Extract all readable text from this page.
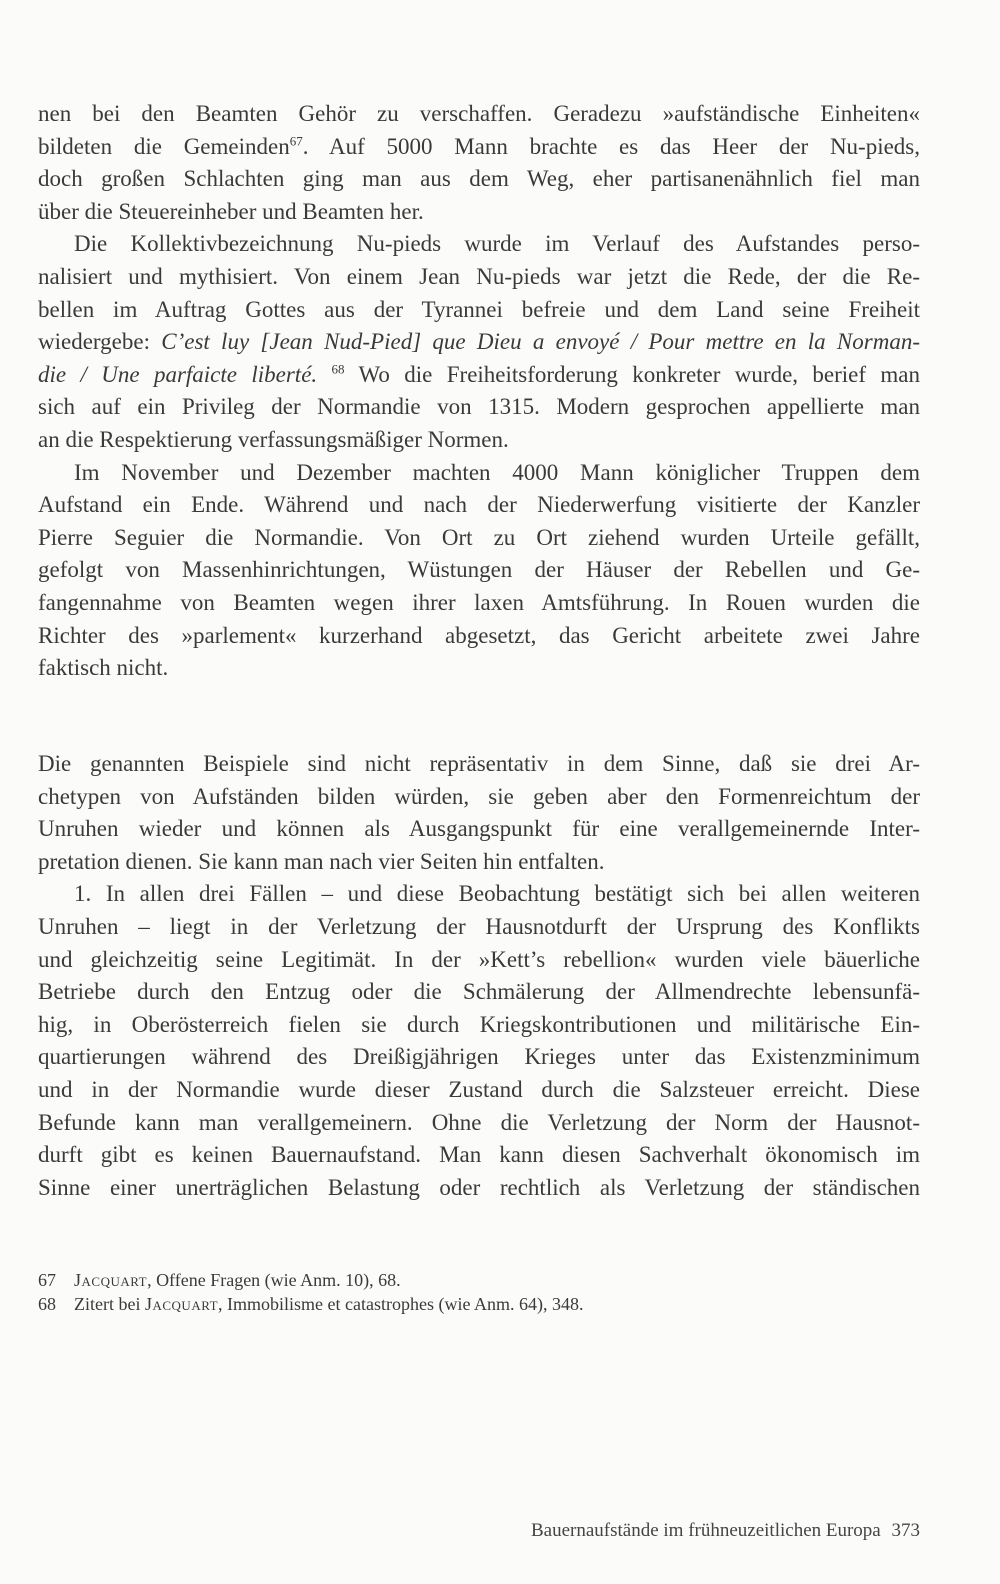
nen bei den Beamten Gehör zu verschaffen. Geradezu »aufständische Einheiten«
bildeten die Gemeinden$^{67}$. Auf 5000 Mann brachte es das Heer der Nu-pieds,
doch großen Schlachten ging man aus dem Weg, eher partisanenähnlich fiel man
über die Steuereinheber und Beamten her.

Die Kollektivbezeichnung Nu-pieds wurde im Verlauf des Aufstandes perso-
nalisiert und mythisiert. Von einem Jean Nu-pieds war jetzt die Rede, der die Re-
bellen im Auftrag Gottes aus der Tyrannei befreie und dem Land seine Freiheit
wiedergebe: C’est luy [Jean Nud-Pied] que Dieu a envoyé / Pour mettre en la Norman-
die / Une parfaicte liberté. $^{68}$ Wo die Freiheitsforderung konkreter wurde, berief man
sich auf ein Privileg der Normandie von 1315. Modern gesprochen appellierte man
an die Respektierung verfassungsmäßiger Normen.

Im November und Dezember machten 4000 Mann königlicher Truppen dem
Aufstand ein Ende. Während und nach der Niederwerfung visitierte der Kanzler
Pierre Seguier die Normandie. Von Ort zu Ort ziehend wurden Urteile gefällt,
gefolgt von Massenhinrichtungen, Wüstungen der Häuser der Rebellen und Ge-
fangennahme von Beamten wegen ihrer laxen Amtsführung. In Rouen wurden die
Richter des »parlement« kurzerhand abgesetzt, das Gericht arbeitete zwei Jahre
faktisch nicht.

Die genannten Beispiele sind nicht repräsentativ in dem Sinne, daß sie drei Ar-
chetypen von Aufständen bilden würden, sie geben aber den Formenreichtum der
Unruhen wieder und können als Ausgangspunkt für eine verallgemeinernde Inter-
pretation dienen. Sie kann man nach vier Seiten hin entfalten.

1. In allen drei Fällen – und diese Beobachtung bestätigt sich bei allen weiteren
Unruhen – liegt in der Verletzung der Hausnotdurft der Ursprung des Konflikts
und gleichzeitig seine Legitimät. In der »Kett’s rebellion« wurden viele bäuerliche
Betriebe durch den Entzug oder die Schmälerung der Allmendrechte lebensunfä-
hig, in Oberösterreich fielen sie durch Kriegskontributionen und militärische Ein-
quartierungen während des Dreißigjährigen Krieges unter das Existenzminimum
und in der Normandie wurde dieser Zustand durch die Salzsteuer erreicht. Diese
Befunde kann man verallgemeinern. Ohne die Verletzung der Norm der Hausnot-
durft gibt es keinen Bauernaufstand. Man kann diesen Sachverhalt ökonomisch im
Sinne einer unerträglichen Belastung oder rechtlich als Verletzung der ständischen

67 Jacquart, Offene Fragen (wie Anm. 10), 68.
68 Zitert bei Jacquart, Immobilisme et catastrophes (wie Anm. 64), 348.
Bauernaufstände im frühneuzeitlichen Europa 373
